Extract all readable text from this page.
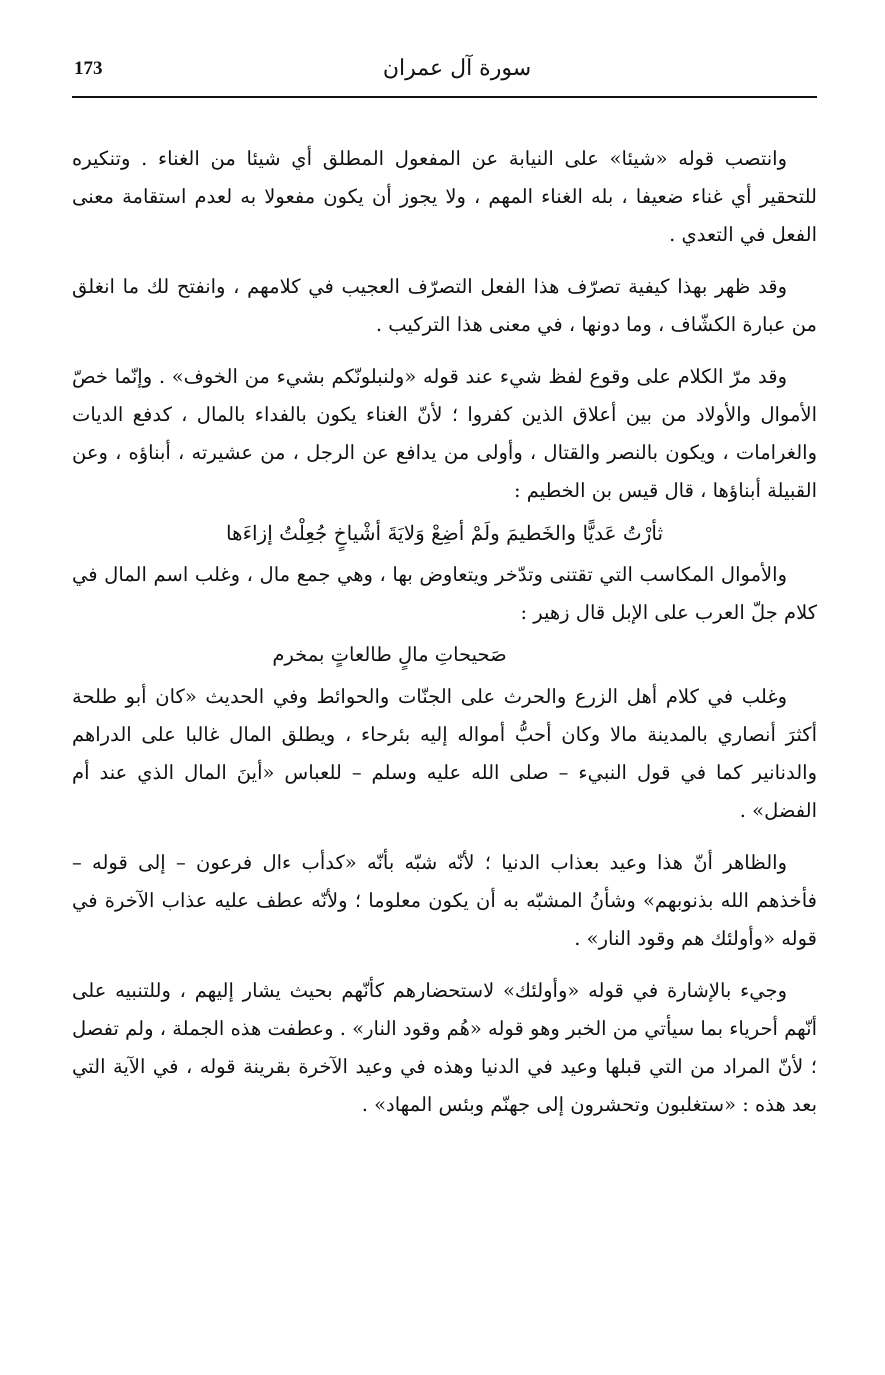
173	سورة آل عمران

وانتصب قوله «شيئا» على النيابة عن المفعول المطلق أي شيئا من الغناء . وتنكيره للتحقير أي غناء ضعيفا ، بله الغناء المهم ، ولا يجوز أن يكون مفعولا به لعدم استقامة معنى الفعل في التعدي .

وقد ظهر بهذا كيفية تصرّف هذا الفعل التصرّف العجيب في كلامهم ، وانفتح لك ما انغلق من عبارة الكشّاف ، وما دونها ، في معنى هذا التركيب .

وقد مرّ الكلام على وقوع لفظ شيء عند قوله «ولنبلونّكم بشيء من الخوف» . وإنّما خصّ الأموال والأولاد من بين أعلاق الذين كفروا ؛ لأنّ الغناء يكون بالفداء بالمال ، كدفع الديات والغرامات ، ويكون بالنصر والقتال ، وأولى من يدافع عن الرجل ، من عشيرته ، أبناؤه ، وعن القبيلة أبناؤها ، قال قيس بن الخطيم :

ثأرْتُ عَديًّا والخَطيمَ ولَمْ أضِعْ وَلايَةَ أشْياخٍ جُعِلْتُ إزاءَها

والأموال المكاسب التي تقتنى وتدّخر ويتعاوض بها ، وهي جمع مال ، وغلب اسم المال في كلام جلّ العرب على الإبل قال زهير :

صَحيحاتِ مالٍ طالعاتٍ بمخرم

وغلب في كلام أهل الزرع والحرث على الجنّات والحوائط وفي الحديث «كان أبو طلحة أكثرَ أنصاري بالمدينة مالا وكان أحبُّ أمواله إليه بئرحاء ، ويطلق المال غالبا على الدراهم والدنانير كما في قول النبيء – صلى الله عليه وسلم – للعباس «أينَ المال الذي عند أم الفضل» .

والظاهر أنّ هذا وعيد بعذاب الدنيا ؛ لأنّه شبّه بأنّه «كدأب ءال فرعون – إلى قوله – فأخذهم الله بذنوبهم» وشأنُ المشبّه به أن يكون معلوما ؛ ولأنّه عطف عليه عذاب الآخرة في قوله «وأولئك هم وقود النار» .

وجيء بالإشارة في قوله «وأولئك» لاستحضارهم كأنّهم بحيث يشار إليهم ، وللتنبيه على أنّهم أحرياء بما سيأتي من الخبر وهو قوله «هُم وقود النار» . وعطفت هذه الجملة ، ولم تفصل ؛ لأنّ المراد من التي قبلها وعيد في الدنيا وهذه في وعيد الآخرة بقرينة قوله ، في الآية التي بعد هذه : «ستغلبون وتحشرون إلى جهنّم وبئس المهاد» .
